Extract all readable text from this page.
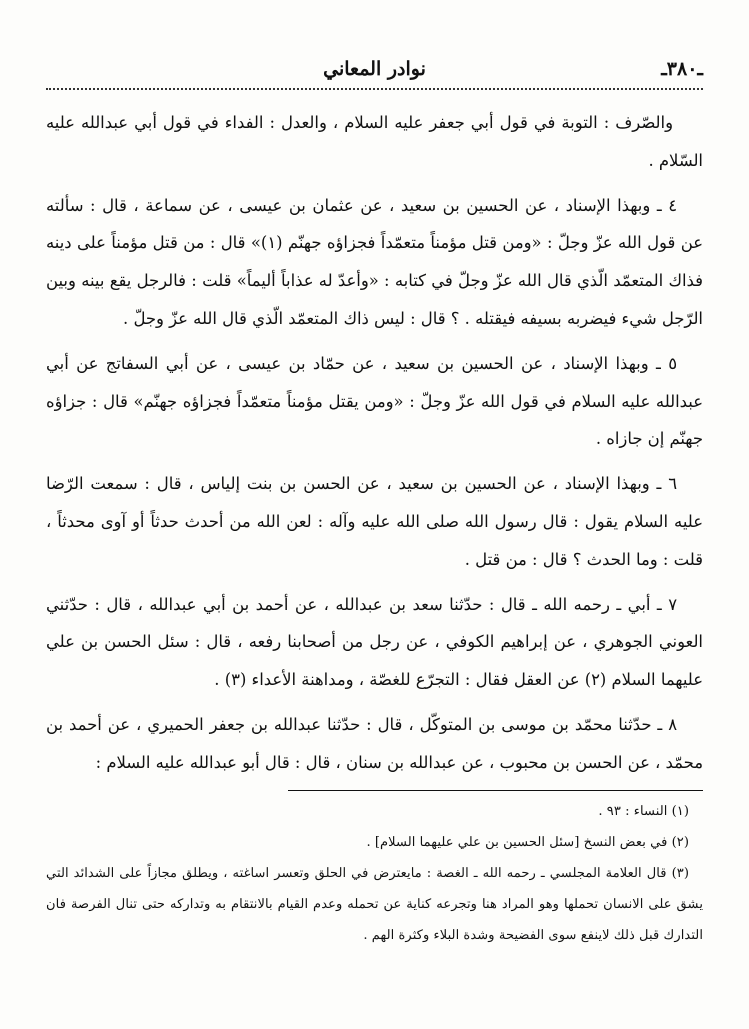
ـ٣٨٠ـ
نوادر المعاني

والصّرف : التوبة في قول أبي جعفر عليه السلام ، والعدل : الفداء في قول أبي عبدالله عليه السّلام .

٤ ـ وبهذا الإسناد ، عن الحسين بن سعيد ، عن عثمان بن عيسى ، عن سماعة ، قال : سألته عن قول الله عزّ وجلّ : «ومن قتل مؤمناً متعمّداً فجزاؤه جهنّم (١)» قال : من قتل مؤمناً على دينه فذاك المتعمّد الّذي قال الله عزّ وجلّ في كتابه : «وأعدّ له عذاباً أليماً» قلت : فالرجل يقع بينه وبين الرّجل شيء فيضربه بسيفه فيقتله . ؟ قال : ليس ذاك المتعمّد الّذي قال الله عزّ وجلّ .

٥ ـ وبهذا الإسناد ، عن الحسين بن سعيد ، عن حمّاد بن عيسى ، عن أبي السفاتج عن أبي عبدالله عليه السلام في قول الله عزّ وجلّ : «ومن يقتل مؤمناً متعمّداً فجزاؤه جهنّم» قال : جزاؤه جهنّم إن جازاه .

٦ ـ وبهذا الإسناد ، عن الحسين بن سعيد ، عن الحسن بن بنت إلياس ، قال : سمعت الرّضا عليه السلام يقول : قال رسول الله صلى الله عليه وآله : لعن الله من أحدث حدثاً أو آوى محدثاً ، قلت : وما الحدث ؟ قال : من قتل .

٧ ـ أبي ـ رحمه الله ـ قال : حدّثنا سعد بن عبدالله ، عن أحمد بن أبي عبدالله ، قال : حدّثني العوني الجوهري ، عن إبراهيم الكوفي ، عن رجل من أصحابنا رفعه ، قال : سئل الحسن بن علي عليهما السلام (٢) عن العقل فقال : التجرّع للغصّة ، ومداهنة الأعداء (٣) .

٨ ـ حدّثنا محمّد بن موسى بن المتوكّل ، قال : حدّثنا عبدالله بن جعفر الحميري ، عن أحمد بن محمّد ، عن الحسن بن محبوب ، عن عبدالله بن سنان ، قال : قال أبو عبدالله عليه السلام :

(١) النساء : ٩٣ .

(٢) في بعض النسخ [سئل الحسين بن علي عليهما السلام] .

(٣) قال العلامة المجلسي ـ رحمه الله ـ الغصة : مايعترض في الحلق وتعسر اساغته ، ويطلق مجازاً على الشدائد التي يشق على الانسان تحملها وهو المراد هنا وتجرعه كناية عن تحمله وعدم القيام بالانتقام به وتداركه حتى تنال الفرصة فان التدارك قبل ذلك لاينفع سوى الفضيحة وشدة البلاء وكثرة الهم .
